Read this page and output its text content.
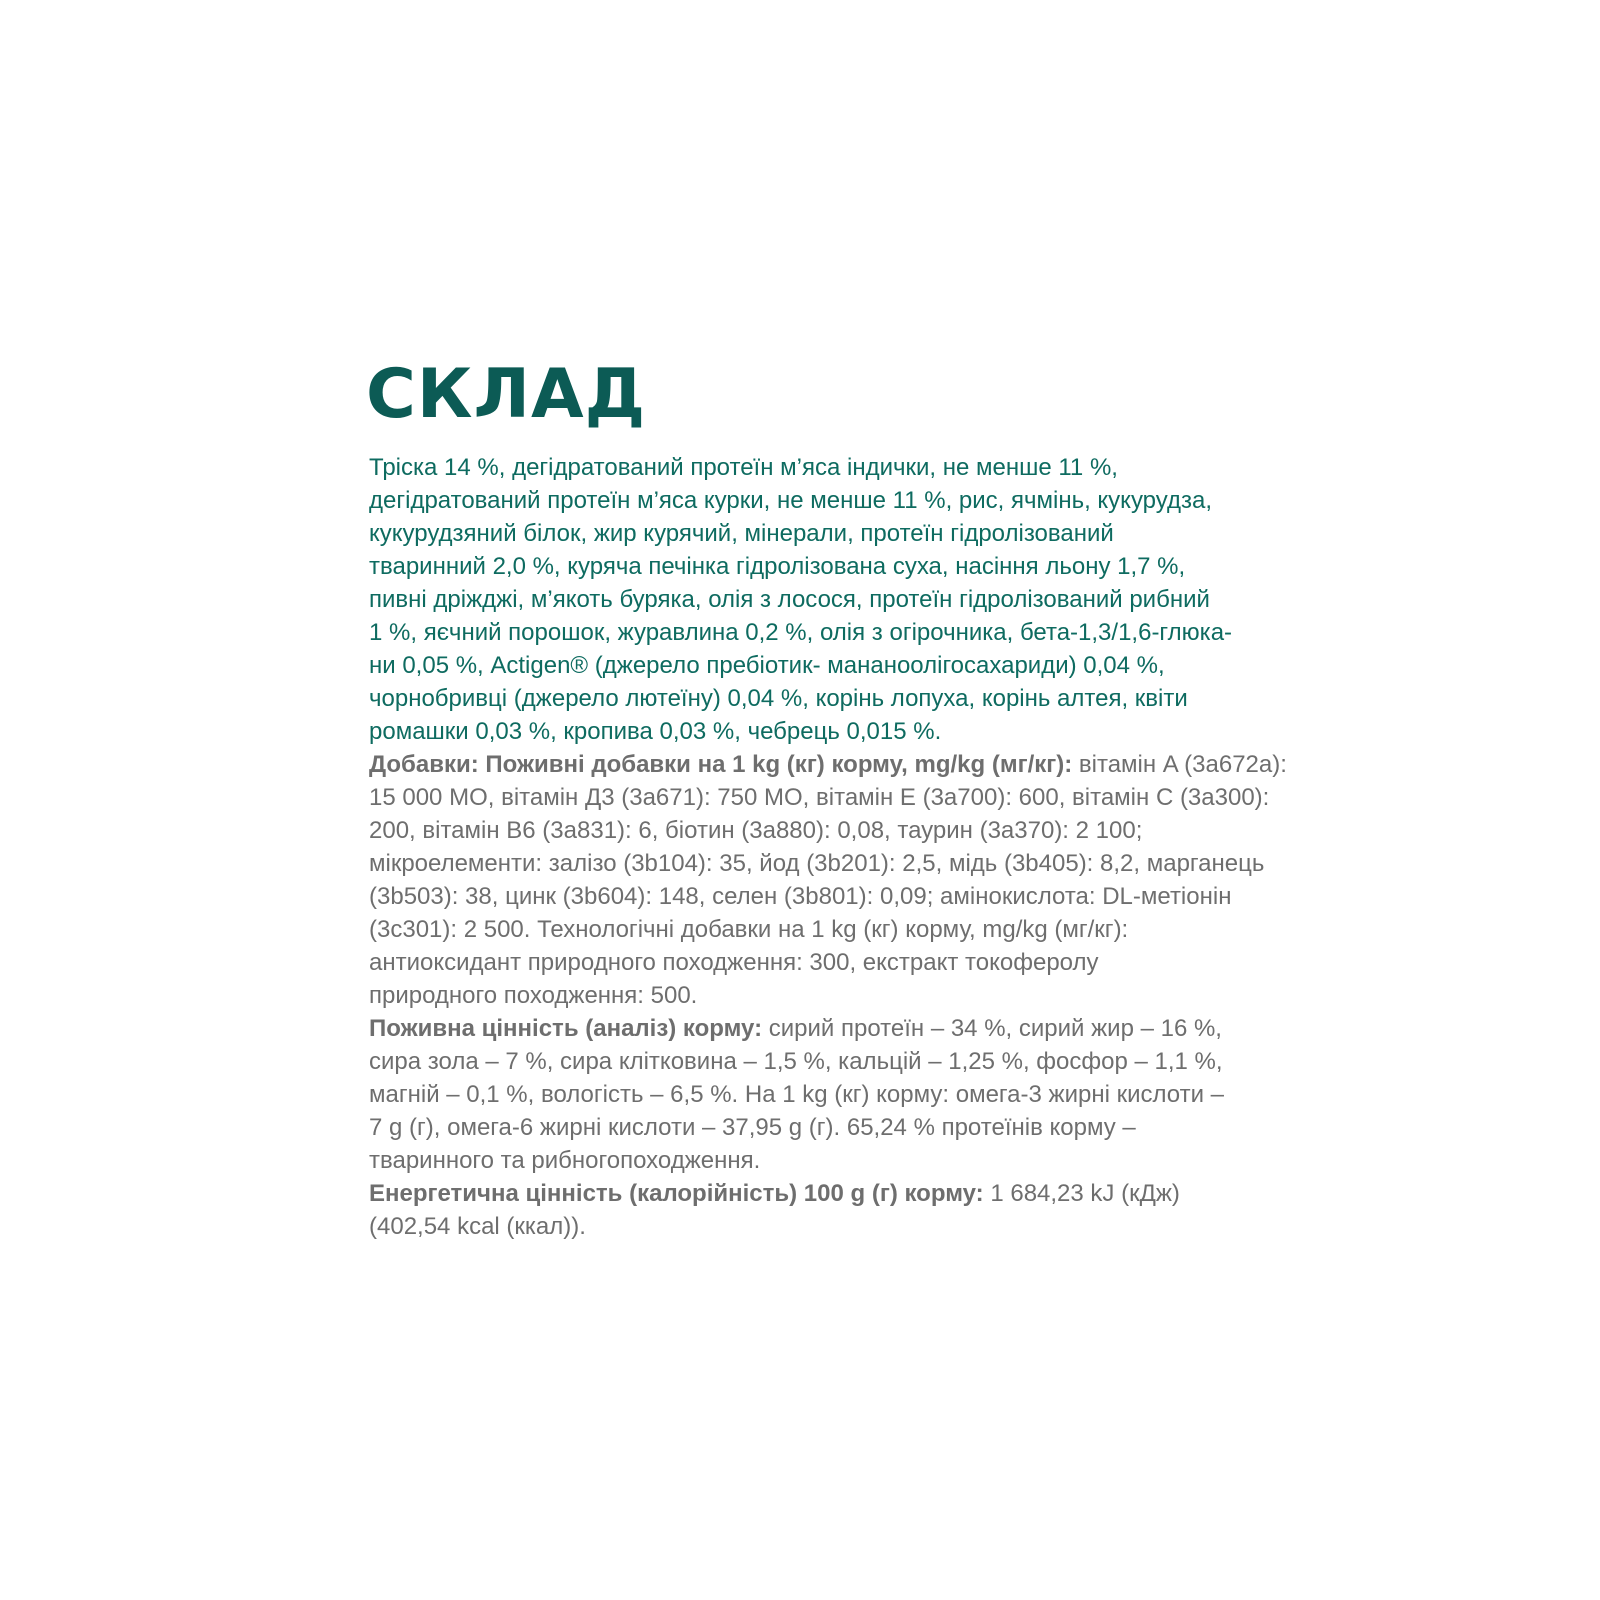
СКЛАД
Тріска 14 %, дегідратований протеїн м’яса індички, не менше 11 %,
дегідратований протеїн м’яса курки, не менше 11 %, рис, ячмінь, кукурудза,
кукурудзяний білок, жир курячий, мінерали, протеїн гідролізований
тваринний 2,0 %, куряча печінка гідролізована суха, насіння льону 1,7 %,
пивні дріжджі, м’якоть буряка, олія з лосося, протеїн гідролізований рибний
1 %, яєчний порошок, журавлина 0,2 %, олія з огірочника, бета-1,3/1,6-глюка-
ни 0,05 %, Actigen® (джерело пребіотик- мананоолігосахариди) 0,04 %,
чорнобривці (джерело лютеїну) 0,04 %, корінь лопуха, корінь алтея, квіти
ромашки 0,03 %, кропива 0,03 %, чебрець 0,015 %.
Добавки: Поживні добавки на 1 kg (кг) корму, mg/kg (мг/кг): вітамін A (3a672a):
15 000 МО, вітамін Д3 (3a671): 750 МО, вітамін Е (3a700): 600, вітамін С (3a300):
200, вітамін В6 (3a831): 6, біотин (3a880): 0,08, таурин (3a370): 2 100;
мікроелементи: залізо (3b104): 35, йод (3b201): 2,5, мідь (3b405): 8,2, марганець
(3b503): 38, цинк (3b604): 148, селен (3b801): 0,09; амінокислота: DL-метіонін
(3c301): 2 500. Технологічні добавки на 1 kg (кг) корму, mg/kg (мг/кг):
антиоксидант природного походження: 300, екстракт токоферолу
природного походження: 500.
Поживна цінність (аналіз) корму: сирий протеїн – 34 %, сирий жир – 16 %,
сира зола – 7 %, сира клітковина – 1,5 %, кальцій – 1,25 %, фосфор – 1,1 %,
магній – 0,1 %, вологість – 6,5 %. На 1 kg (кг) корму: омега-3 жирні кислоти –
7 g (г), омега-6 жирні кислоти – 37,95 g (г). 65,24 % протеїнів корму –
тваринного та рибногопоходження.
Енергетична цінність (калорійність) 100 g (г) корму: 1 684,23 kJ (кДж)
(402,54 kcal (ккал)).
